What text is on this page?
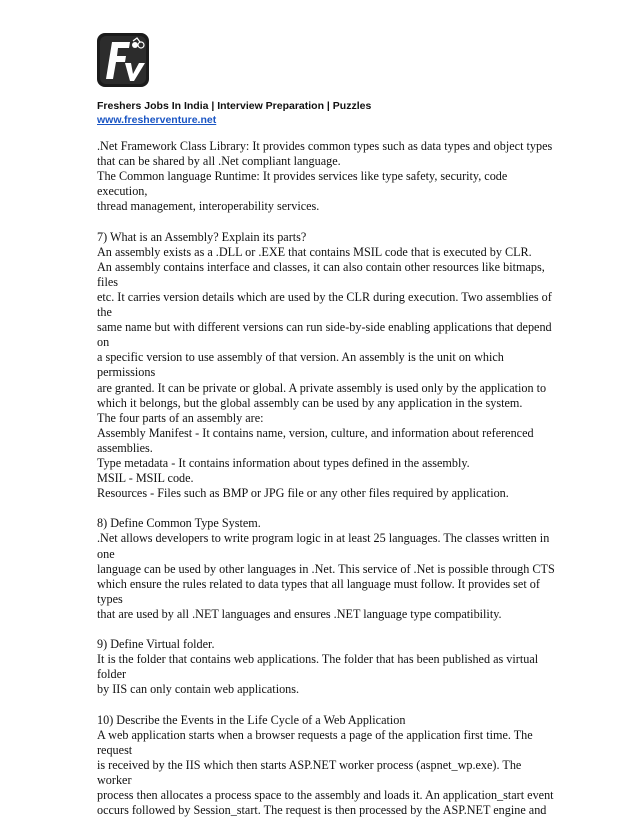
Freshers Jobs In India | Interview Preparation | Puzzles
www.fresherventure.net
.Net Framework Class Library: It provides common types such as data types and object types
that can be shared by all .Net compliant language.
The Common language Runtime: It provides services like type safety, security, code
execution,
thread management, interoperability services.
7) What is an Assembly? Explain its parts?
An assembly exists as a .DLL or .EXE that contains MSIL code that is executed by CLR.
An assembly contains interface and classes, it can also contain other resources like bitmaps,
files
etc. It carries version details which are used by the CLR during execution. Two assemblies of
the
same name but with different versions can run side-by-side enabling applications that depend
on
a specific version to use assembly of that version. An assembly is the unit on which
permissions
are granted. It can be private or global. A private assembly is used only by the application to
which it belongs, but the global assembly can be used by any application in the system.
The four parts of an assembly are:
Assembly Manifest - It contains name, version, culture, and information about referenced
assemblies.
Type metadata - It contains information about types defined in the assembly.
MSIL - MSIL code.
Resources - Files such as BMP or JPG file or any other files required by application.
8) Define Common Type System.
.Net allows developers to write program logic in at least 25 languages. The classes written in
one
language can be used by other languages in .Net. This service of .Net is possible through CTS
which ensure the rules related to data types that all language must follow. It provides set of
types
that are used by all .NET languages and ensures .NET language type compatibility.
9) Define Virtual folder.
It is the folder that contains web applications. The folder that has been published as virtual
folder
by IIS can only contain web applications.
10) Describe the Events in the Life Cycle of a Web Application
A web application starts when a browser requests a page of the application first time. The
request
is received by the IIS which then starts ASP.NET worker process (aspnet_wp.exe). The
worker
process then allocates a process space to the assembly and loads it. An application_start event
occurs followed by Session_start. The request is then processed by the ASP.NET engine and
